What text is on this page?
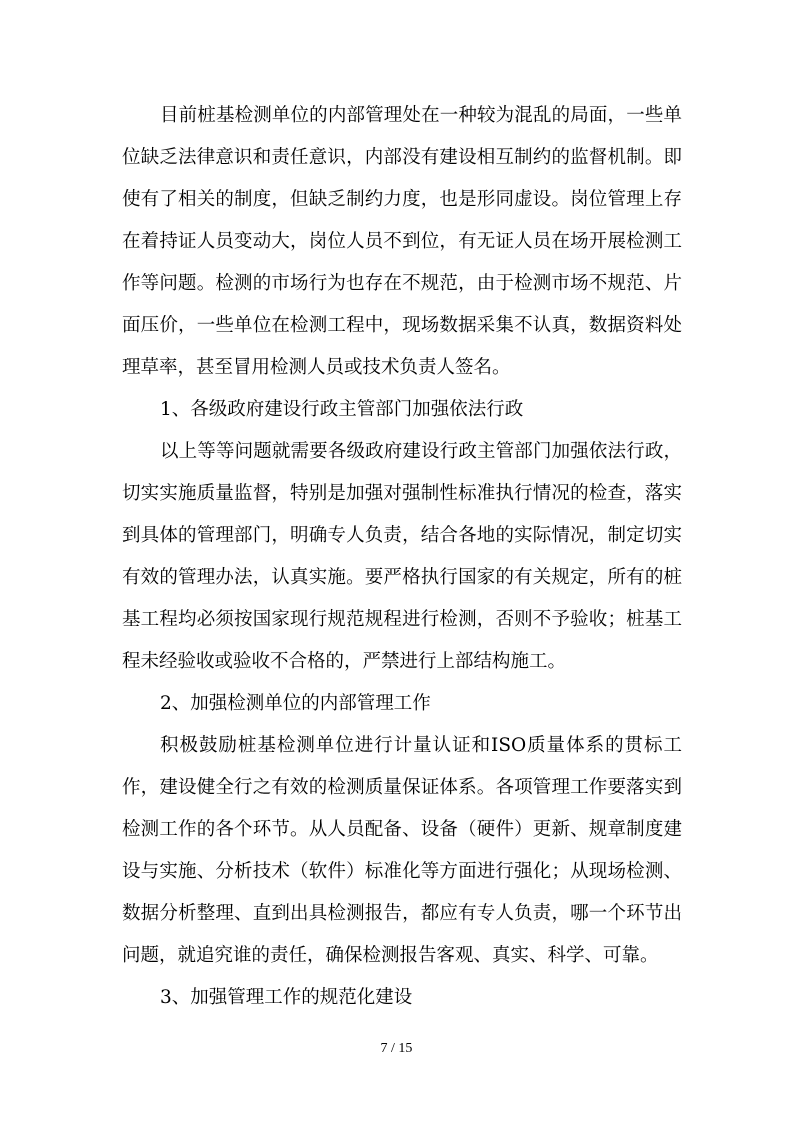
目前桩基检测单位的内部管理处在一种较为混乱的局面，一些单
位缺乏法律意识和责任意识，内部没有建设相互制约的监督机制。即
使有了相关的制度，但缺乏制约力度，也是形同虚设。岗位管理上存
在着持证人员变动大，岗位人员不到位，有无证人员在场开展检测工
作等问题。检测的市场行为也存在不规范，由于检测市场不规范、片
面压价，一些单位在检测工程中，现场数据采集不认真，数据资料处
理草率，甚至冒用检测人员或技术负责人签名。
1、各级政府建设行政主管部门加强依法行政
以上等等问题就需要各级政府建设行政主管部门加强依法行政，
切实实施质量监督，特别是加强对强制性标准执行情况的检查，落实
到具体的管理部门，明确专人负责，结合各地的实际情况，制定切实
有效的管理办法，认真实施。要严格执行国家的有关规定，所有的桩
基工程均必须按国家现行规范规程进行检测，否则不予验收；桩基工
程未经验收或验收不合格的，严禁进行上部结构施工。
2、加强检测单位的内部管理工作
积极鼓励桩基检测单位进行计量认证和ISO质量体系的贯标工
作，建设健全行之有效的检测质量保证体系。各项管理工作要落实到
检测工作的各个环节。从人员配备、设备（硬件）更新、规章制度建
设与实施、分析技术（软件）标准化等方面进行强化；从现场检测、
数据分析整理、直到出具检测报告，都应有专人负责，哪一个环节出
问题，就追究谁的责任，确保检测报告客观、真实、科学、可靠。
3、加强管理工作的规范化建设
7 / 15
